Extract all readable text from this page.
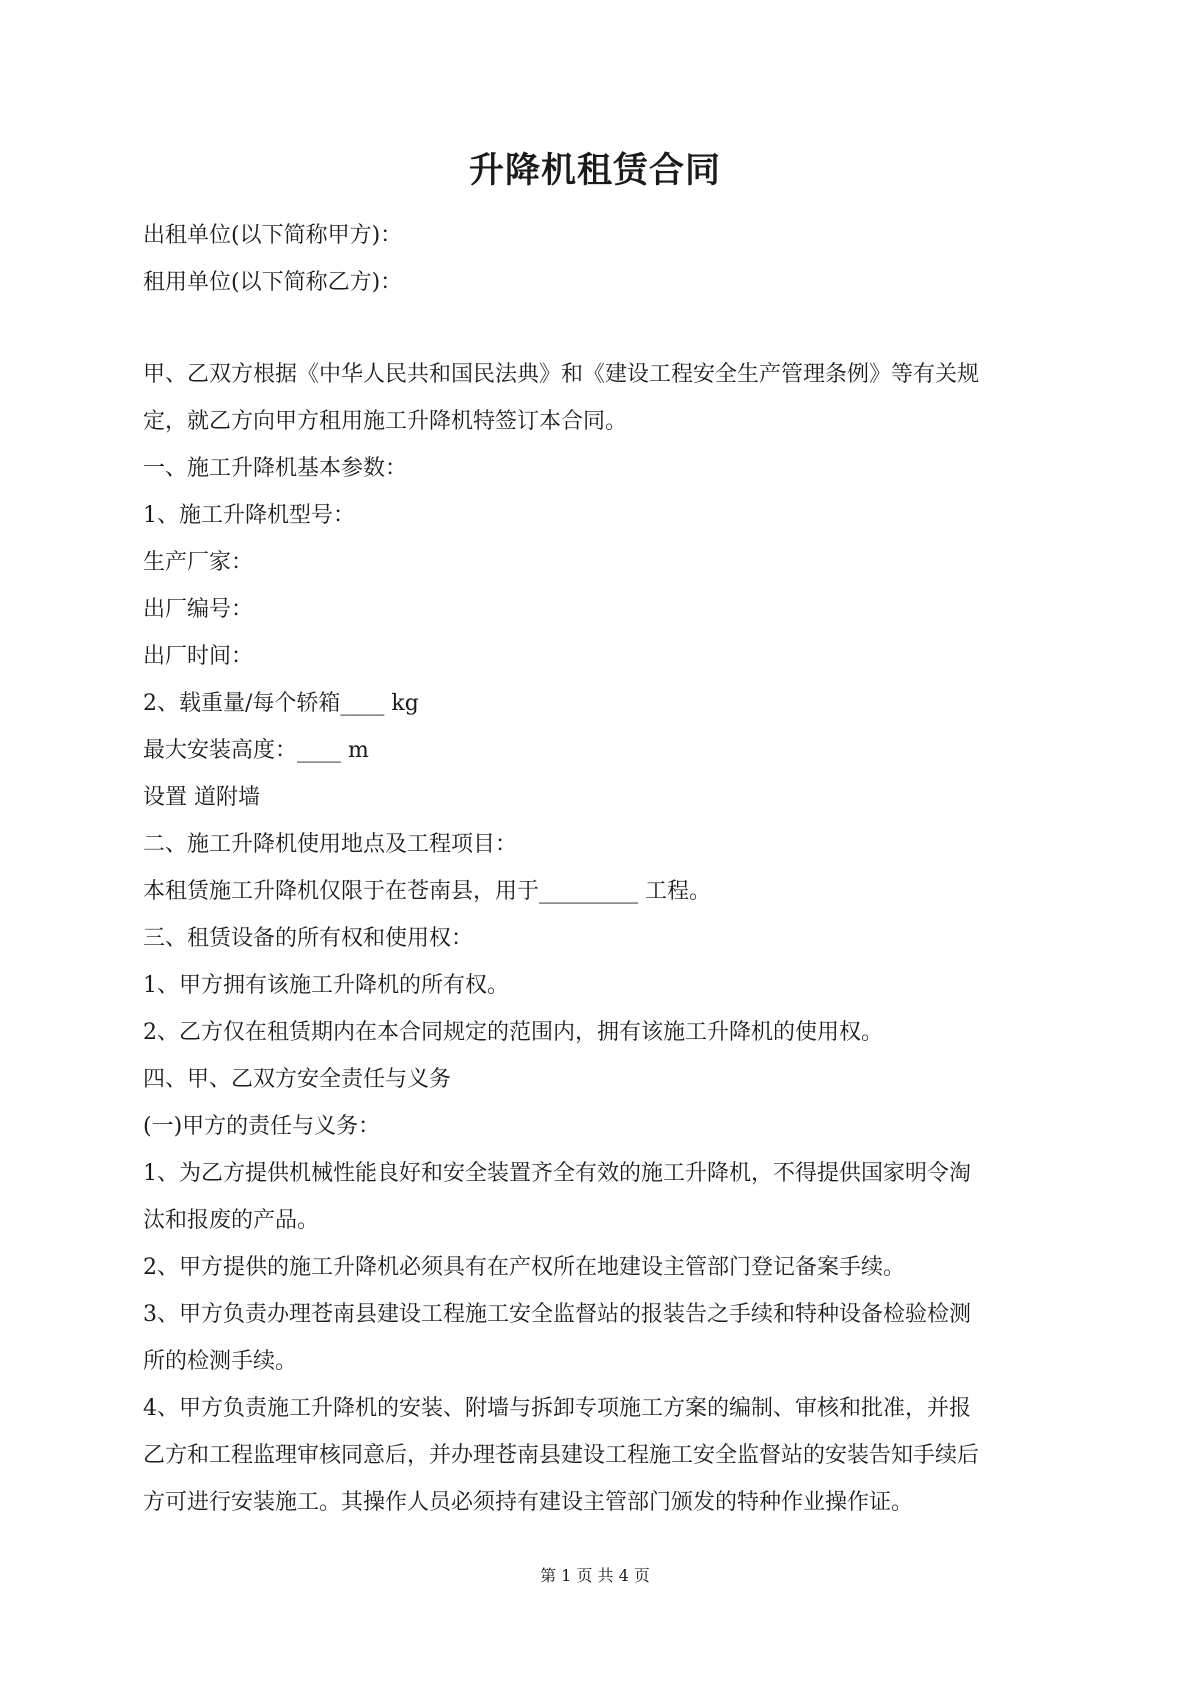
升降机租赁合同
出租单位(以下简称甲方)：
租用单位(以下简称乙方)：
甲、乙双方根据《中华人民共和国民法典》和《建设工程安全生产管理条例》等有关规
定，就乙方向甲方租用施工升降机特签订本合同。
一、施工升降机基本参数：
1、施工升降机型号：
生产厂家：
出厂编号：
出厂时间：
2、载重量/每个轿箱____ kg
最大安装高度：____ m
设置 道附墙
二、施工升降机使用地点及工程项目：
本租赁施工升降机仅限于在苍南县，用于_________ 工程。
三、租赁设备的所有权和使用权：
1、甲方拥有该施工升降机的所有权。
2、乙方仅在租赁期内在本合同规定的范围内，拥有该施工升降机的使用权。
四、甲、乙双方安全责任与义务
(一)甲方的责任与义务：
1、为乙方提供机械性能良好和安全装置齐全有效的施工升降机，不得提供国家明令淘
汰和报废的产品。
2、甲方提供的施工升降机必须具有在产权所在地建设主管部门登记备案手续。
3、甲方负责办理苍南县建设工程施工安全监督站的报装告之手续和特种设备检验检测
所的检测手续。
4、甲方负责施工升降机的安装、附墙与拆卸专项施工方案的编制、审核和批准，并报
乙方和工程监理审核同意后，并办理苍南县建设工程施工安全监督站的安装告知手续后
方可进行安装施工。其操作人员必须持有建设主管部门颁发的特种作业操作证。
第 1 页 共 4 页
